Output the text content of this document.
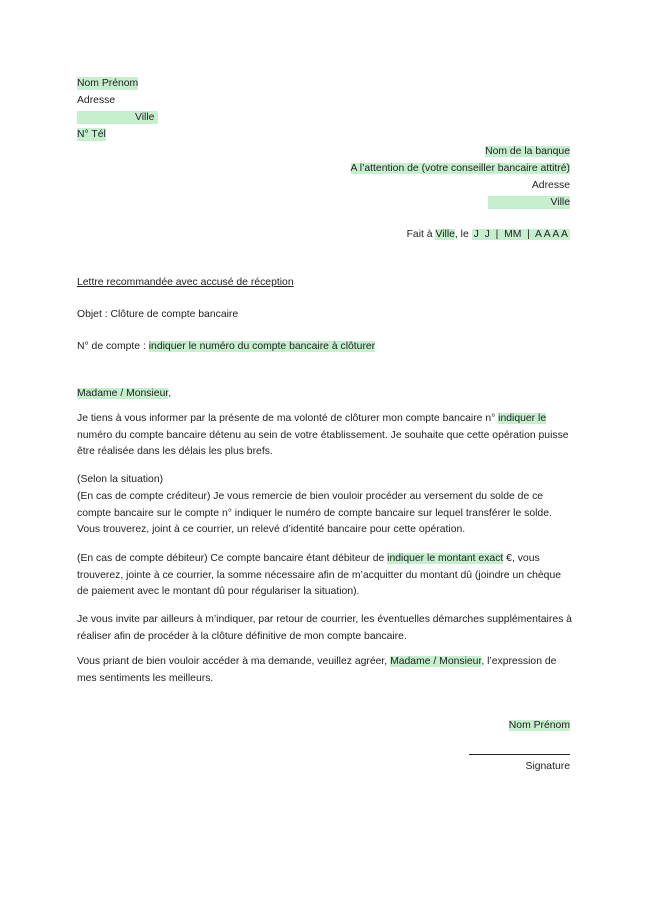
Nom Prénom
Adresse
Ville
N° Tél
Nom de la banque
A l’attention de (votre conseiller bancaire attitré)
Adresse
Ville
Fait à Ville, le J  J  |  MM  |  A A A A
Lettre recommandée avec accusé de réception
Objet : Clôture de compte bancaire
N° de compte : indiquer le numéro du compte bancaire à clôturer
Madame / Monsieur,

Je tiens à vous informer par la présente de ma volonté de clôturer mon compte bancaire n° indiquer le numéro du compte bancaire détenu au sein de votre établissement. Je souhaite que cette opération puisse être réalisée dans les délais les plus brefs.

(Selon la situation)

(En cas de compte créditeur) Je vous remercie de bien vouloir procéder au versement du solde de ce compte bancaire sur le compte n° indiquer le numéro de compte bancaire sur lequel transférer le solde. Vous trouverez, joint à ce courrier, un relevé d’identité bancaire pour cette opération.

(En cas de compte débiteur) Ce compte bancaire étant débiteur de indiquer le montant exact €, vous trouverez, jointe à ce courrier, la somme nécessaire afin de m’acquitter du montant dû (joindre un chèque de paiement avec le montant dû pour régulariser la situation).

Je vous invite par ailleurs à m’indiquer, par retour de courrier, les éventuelles démarches supplémentaires à réaliser afin de procéder à la clôture définitive de mon compte bancaire.

Vous priant de bien vouloir accéder à ma demande, veuillez agréer, Madame / Monsieur, l’expression de mes sentiments les meilleurs.

Nom Prénom
Signature
